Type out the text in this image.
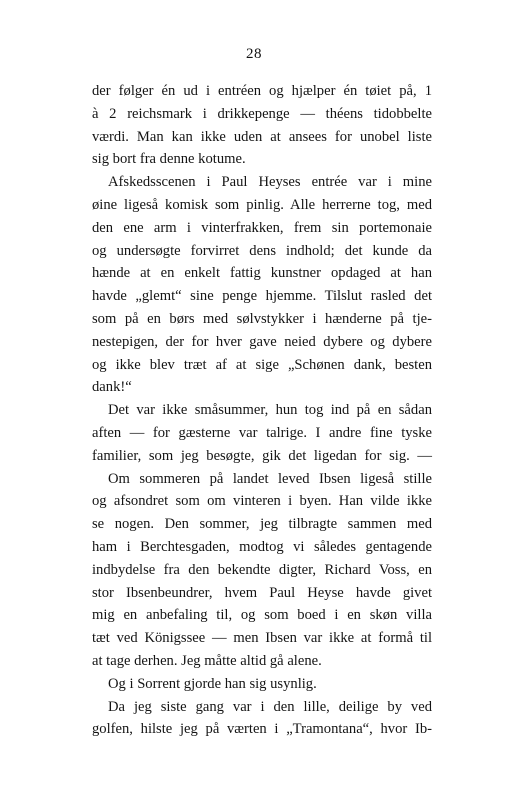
28
der følger én ud i entréen og hjælper én tøiet på, 1
à 2 reichsmark i drikkepenge — théens tidobbelte
værdi. Man kan ikke uden at ansees for unobel liste
sig bort fra denne kotume.
Afskedsscenen i Paul Heyses entrée var i mine
øine ligeså komisk som pinlig. Alle herrerne tog, med
den ene arm i vinterfrakken, frem sin portemonaie
og undersøgte forvirret dens indhold; det kunde da
hænde at en enkelt fattig kunstner opdaged at han
havde „glemt“ sine penge hjemme. Tilslut rasled det
som på en børs med sølvstykker i hænderne på tje-
nestepigen, der for hver gave neied dybere og dybere
og ikke blev træt af at sige „Schønen dank, besten
dank!“
Det var ikke småsummer, hun tog ind på en sådan
aften — for gæsterne var talrige. I andre fine tyske
familier, som jeg besøgte, gik det ligedan for sig. —
Om sommeren på landet leved Ibsen ligeså stille
og afsondret som om vinteren i byen. Han vilde ikke
se nogen. Den sommer, jeg tilbragte sammen med
ham i Berchtesgaden, modtog vi således gentagende
indbydelse fra den bekendte digter, Richard Voss, en
stor Ibsenbeundrer, hvem Paul Heyse havde givet
mig en anbefaling til, og som boed i en skøn villa
tæt ved Königssee — men Ibsen var ikke at formå til
at tage derhen. Jeg måtte altid gå alene.
Og i Sorrent gjorde han sig usynlig.
Da jeg siste gang var i den lille, deilige by ved
golfen, hilste jeg på værten i „Tramontana“, hvor Ib-
